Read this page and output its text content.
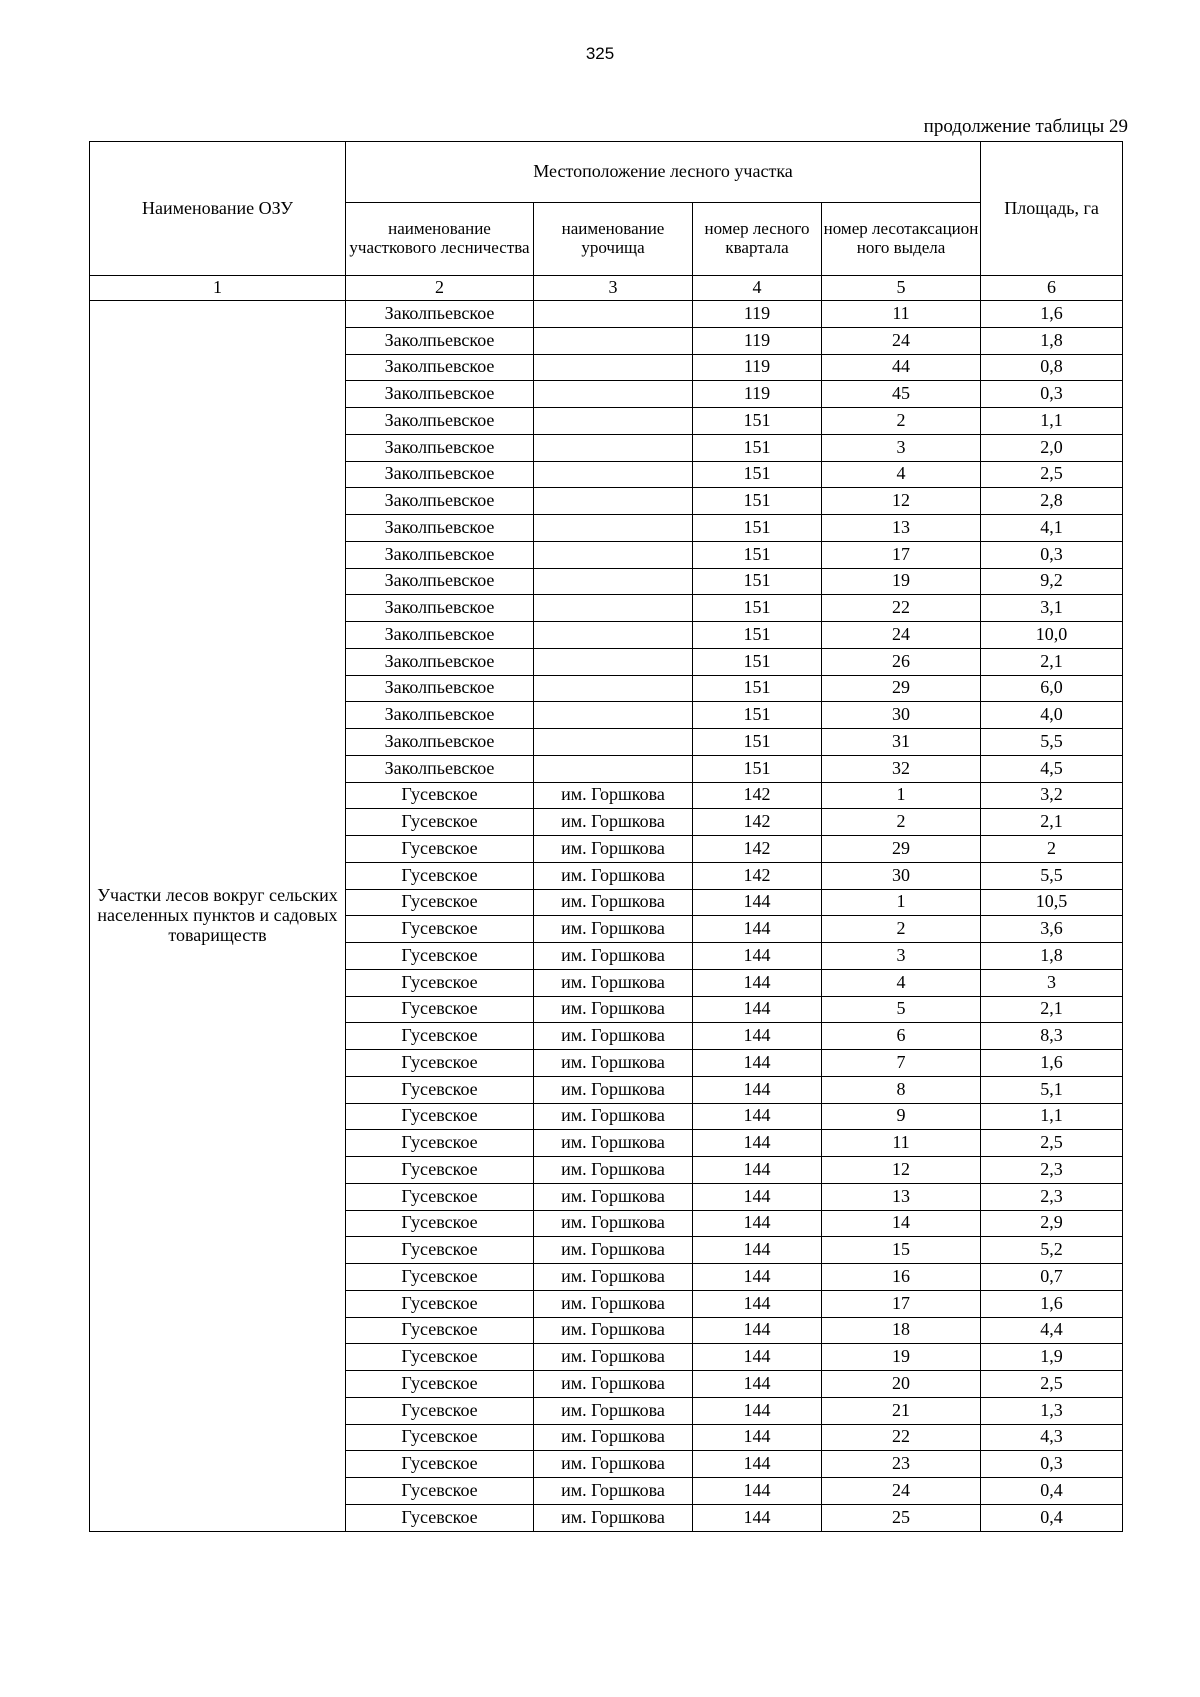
325
продолжение таблицы 29
Наименование ОЗУ	Местоположение лесного участка				Площадь, га
	наименование участкового лесничества	наименование урочища	номер лесного квартала	номер лесотаксацион ного выдела	
1	2	3	4	5	6
Участки лесов вокруг сельских населенных пунктов и садовых товариществ	Заколпьевское		119	11	1,6
	Заколпьевское		119	24	1,8
	Заколпьевское		119	44	0,8
	Заколпьевское		119	45	0,3
	Заколпьевское		151	2	1,1
	Заколпьевское		151	3	2,0
	Заколпьевское		151	4	2,5
	Заколпьевское		151	12	2,8
	Заколпьевское		151	13	4,1
	Заколпьевское		151	17	0,3
	Заколпьевское		151	19	9,2
	Заколпьевское		151	22	3,1
	Заколпьевское		151	24	10,0
	Заколпьевское		151	26	2,1
	Заколпьевское		151	29	6,0
	Заколпьевское		151	30	4,0
	Заколпьевское		151	31	5,5
	Заколпьевское		151	32	4,5
	Гусевское	им. Горшкова	142	1	3,2
	Гусевское	им. Горшкова	142	2	2,1
	Гусевское	им. Горшкова	142	29	2
	Гусевское	им. Горшкова	142	30	5,5
	Гусевское	им. Горшкова	144	1	10,5
	Гусевское	им. Горшкова	144	2	3,6
	Гусевское	им. Горшкова	144	3	1,8
	Гусевское	им. Горшкова	144	4	3
	Гусевское	им. Горшкова	144	5	2,1
	Гусевское	им. Горшкова	144	6	8,3
	Гусевское	им. Горшкова	144	7	1,6
	Гусевское	им. Горшкова	144	8	5,1
	Гусевское	им. Горшкова	144	9	1,1
	Гусевское	им. Горшкова	144	11	2,5
	Гусевское	им. Горшкова	144	12	2,3
	Гусевское	им. Горшкова	144	13	2,3
	Гусевское	им. Горшкова	144	14	2,9
	Гусевское	им. Горшкова	144	15	5,2
	Гусевское	им. Горшкова	144	16	0,7
	Гусевское	им. Горшкова	144	17	1,6
	Гусевское	им. Горшкова	144	18	4,4
	Гусевское	им. Горшкова	144	19	1,9
	Гусевское	им. Горшкова	144	20	2,5
	Гусевское	им. Горшкова	144	21	1,3
	Гусевское	им. Горшкова	144	22	4,3
	Гусевское	им. Горшкова	144	23	0,3
	Гусевское	им. Горшкова	144	24	0,4
	Гусевское	им. Горшкова	144	25	0,4
